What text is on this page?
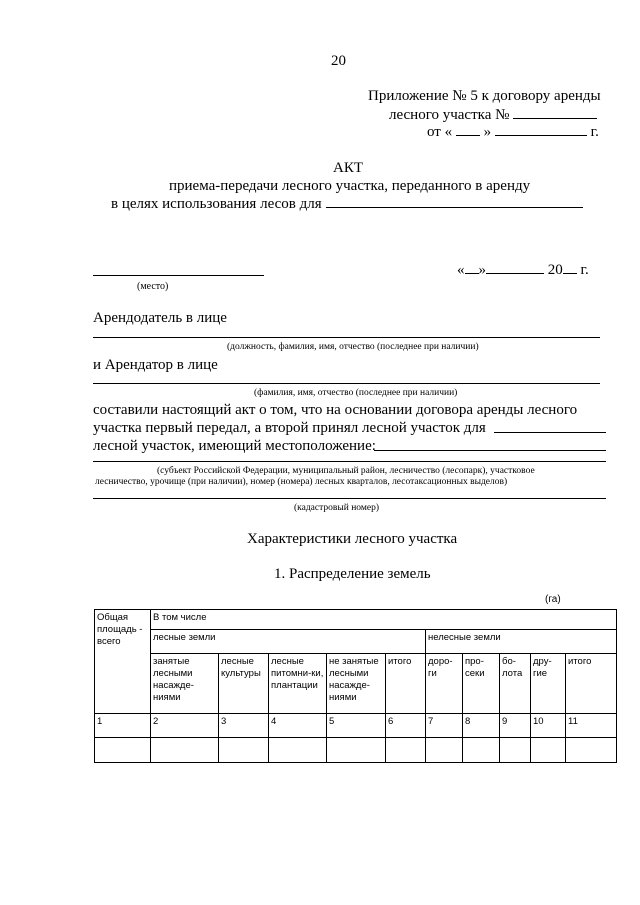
20
Приложение № 5 к договору аренды
лесного участка №
от « »	г.
АКТ
приема-передачи лесного участка, переданного в аренду
в целях использования лесов для
(место)
« »	20 г.
Арендодатель в лице
(должность, фамилия, имя, отчество (последнее при наличии)
и Арендатор в лице
(фамилия, имя, отчество (последнее при наличии)
составили настоящий акт о том, что на основании договора аренды лесного
участка первый передал, а второй принял лесной участок для
лесной участок, имеющий местоположение:
(субъект Российской Федерации, муниципальный район, лесничество (лесопарк), участковое
лесничество, урочище (при наличии), номер (номера) лесных кварталов, лесотаксационных выделов)
(кадастровый номер)
Характеристики лесного участка
1. Распределение земель
(га)
Общая площадь - всего	В том числе									
	лесные земли					нелесные земли				
	занятые лесными насажде-ниями	лесные культуры	лесные питомни-ки, плантации	не занятые лесными насажде-ниями	итого	доро-ги	про-секи	бо-лота	дру-гие	итого
1	2	3	4	5	6	7	8	9	10	11
